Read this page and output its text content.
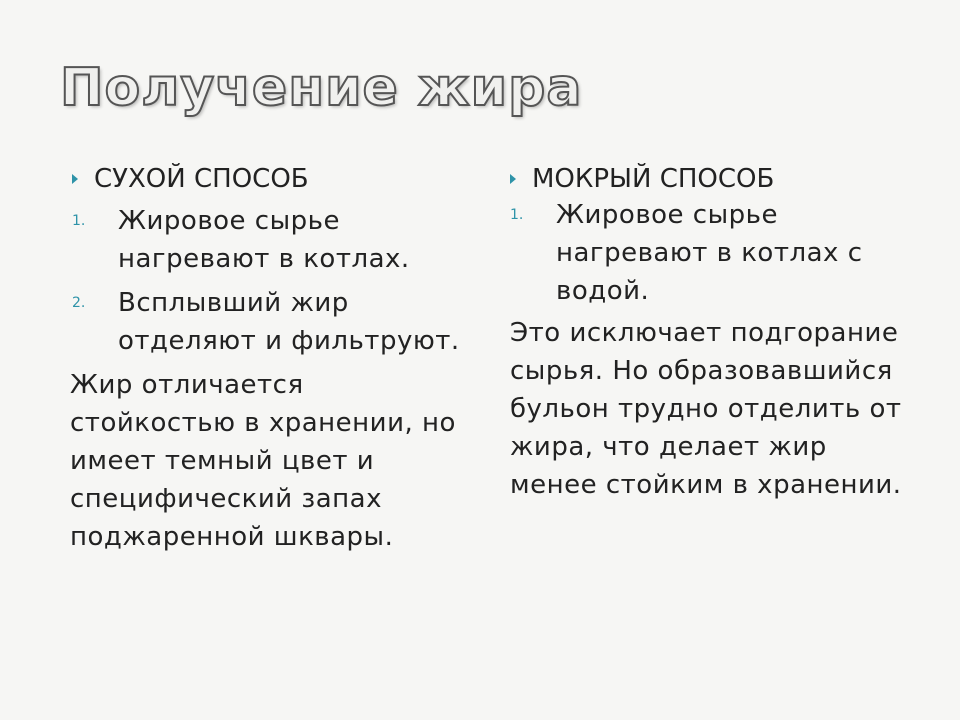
Получение жира
СУХОЙ СПОСОБ
1.	Жировое сырье нагревают в котлах.
2.	Всплывший жир отделяют и фильтруют.

Жир отличается стойкостью в хранении, но имеет темный цвет и специфический запах поджаренной шквары.

МОКРЫЙ СПОСОБ
1.	Жировое сырье нагревают в котлах с водой.

Это исключает подгорание сырья. Но образовавшийся бульон трудно отделить от жира, что делает жир менее стойким в хранении.
